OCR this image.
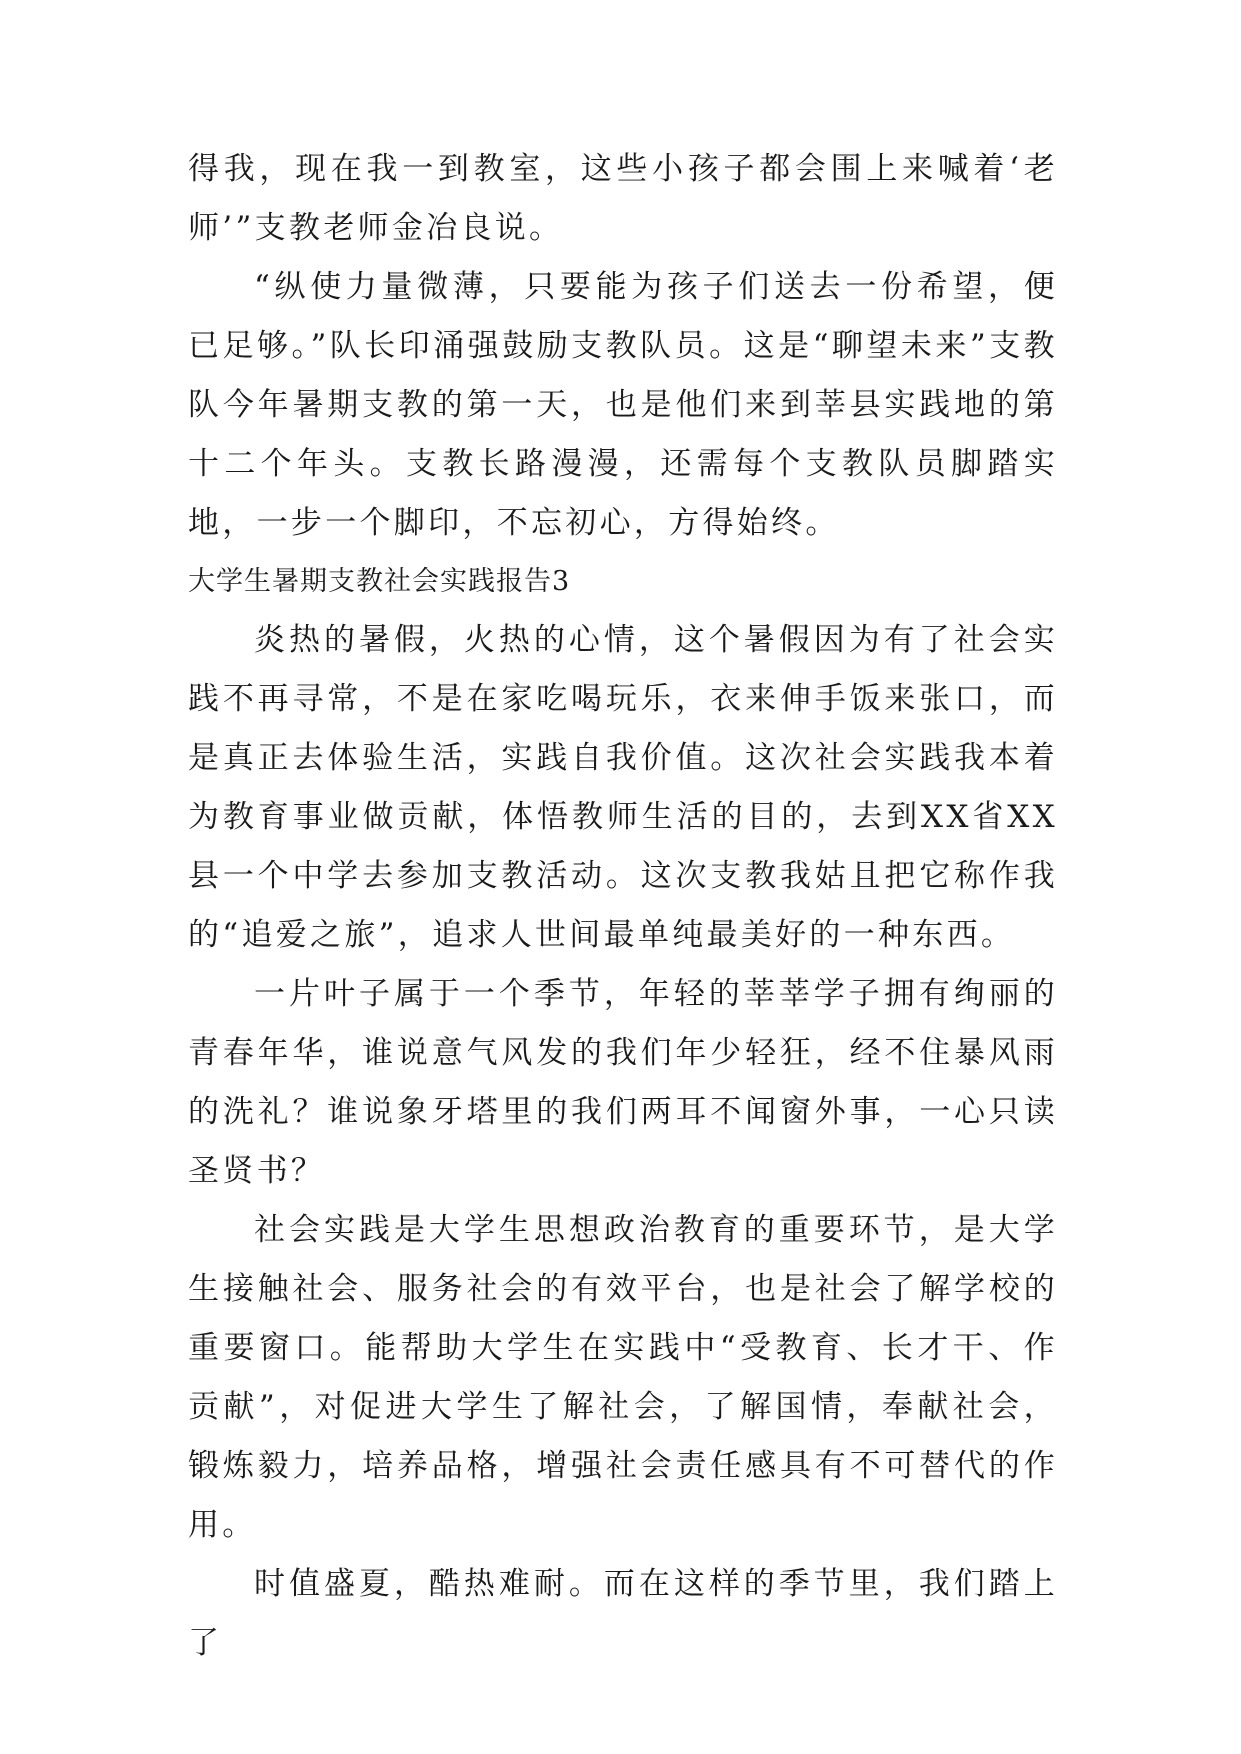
得我，现在我一到教室，这些小孩子都会围上来喊着‘老师’”支教老师金冶良说。

“纵使力量微薄，只要能为孩子们送去一份希望，便已足够。”队长印涌强鼓励支教队员。这是“聊望未来”支教队今年暑期支教的第一天，也是他们来到莘县实践地的第十二个年头。支教长路漫漫，还需每个支教队员脚踏实地，一步一个脚印，不忘初心，方得始终。

大学生暑期支教社会实践报告3

炎热的暑假，火热的心情，这个暑假因为有了社会实践不再寻常，不是在家吃喝玩乐，衣来伸手饭来张口，而是真正去体验生活，实践自我价值。这次社会实践我本着为教育事业做贡献，体悟教师生活的目的，去到XX省XX县一个中学去参加支教活动。这次支教我姑且把它称作我的“追爱之旅”，追求人世间最单纯最美好的一种东西。

一片叶子属于一个季节，年轻的莘莘学子拥有绚丽的青春年华，谁说意气风发的我们年少轻狂，经不住暴风雨的洗礼？谁说象牙塔里的我们两耳不闻窗外事，一心只读圣贤书？

社会实践是大学生思想政治教育的重要环节，是大学生接触社会、服务社会的有效平台，也是社会了解学校的重要窗口。能帮助大学生在实践中“受教育、长才干、作贡献”，对促进大学生了解社会，了解国情，奉献社会，锻炼毅力，培养品格，增强社会责任感具有不可替代的作用。

时值盛夏，酷热难耐。而在这样的季节里，我们踏上了
